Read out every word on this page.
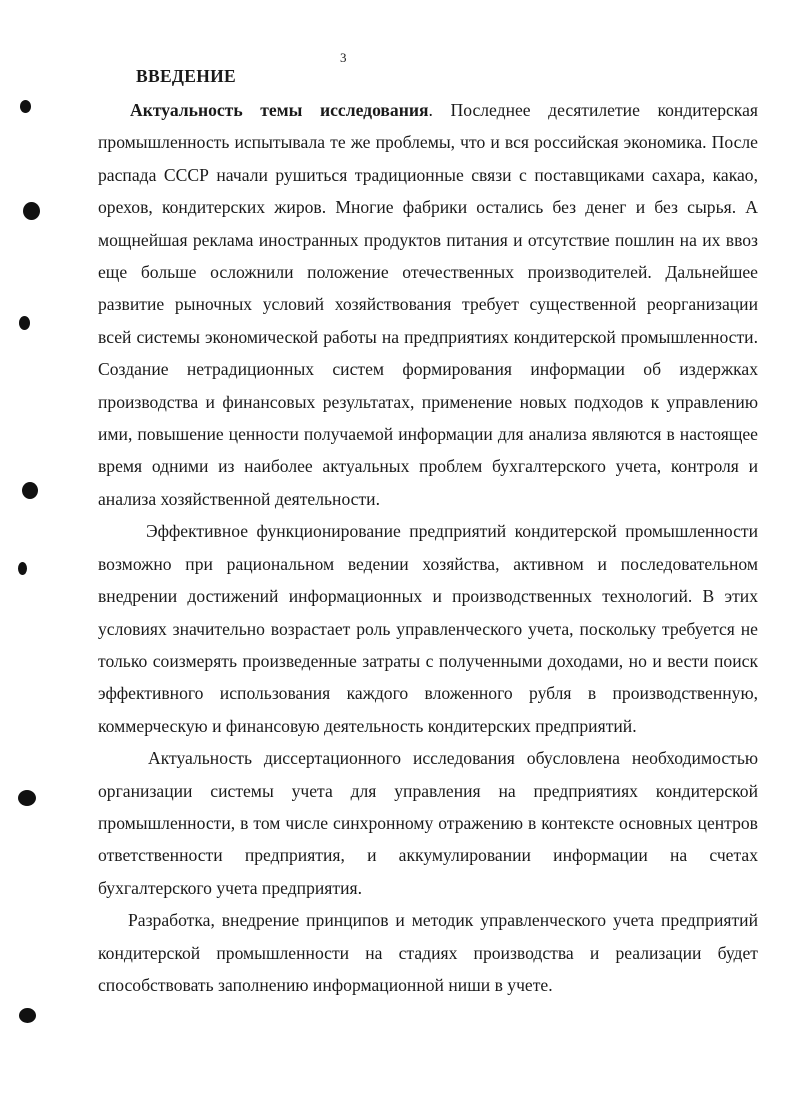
3
ВВЕДЕНИЕ

Актуальность темы исследования. Последнее десятилетие кондитерская промышленность испытывала те же проблемы, что и вся российская экономика. После распада СССР начали рушиться традиционные связи с поставщиками сахара, какао, орехов, кондитерских жиров. Многие фабрики остались без денег и без сырья. А мощнейшая реклама иностранных продуктов питания и отсутствие пошлин на их ввоз еще больше осложнили положение отечественных производителей. Дальнейшее развитие рыночных условий хозяйствования требует существенной реорганизации всей системы экономической работы на предприятиях кондитерской промышленности. Создание нетрадиционных систем формирования информации об издержках производства и финансовых результатах, применение новых подходов к управлению ими, повышение ценности получаемой информации для анализа являются в настоящее время одними из наиболее актуальных проблем бухгалтерского учета, контроля и анализа хозяйственной деятельности.

Эффективное функционирование предприятий кондитерской промышленности возможно при рациональном ведении хозяйства, активном и последовательном внедрении достижений информационных и производственных технологий. В этих условиях значительно возрастает роль управленческого учета, поскольку требуется не только соизмерять произведенные затраты с полученными доходами, но и вести поиск эффективного использования каждого вложенного рубля в производственную, коммерческую и финансовую деятельность кондитерских предприятий.

Актуальность диссертационного исследования обусловлена необходимостью организации системы учета для управления на предприятиях кондитерской промышленности, в том числе синхронному отражению в контексте основных центров ответственности предприятия, и аккумулировании информации на счетах бухгалтерского учета предприятия.

Разработка, внедрение принципов и методик управленческого учета предприятий кондитерской промышленности на стадиях производства и реализации будет способствовать заполнению информационной ниши в учете.
